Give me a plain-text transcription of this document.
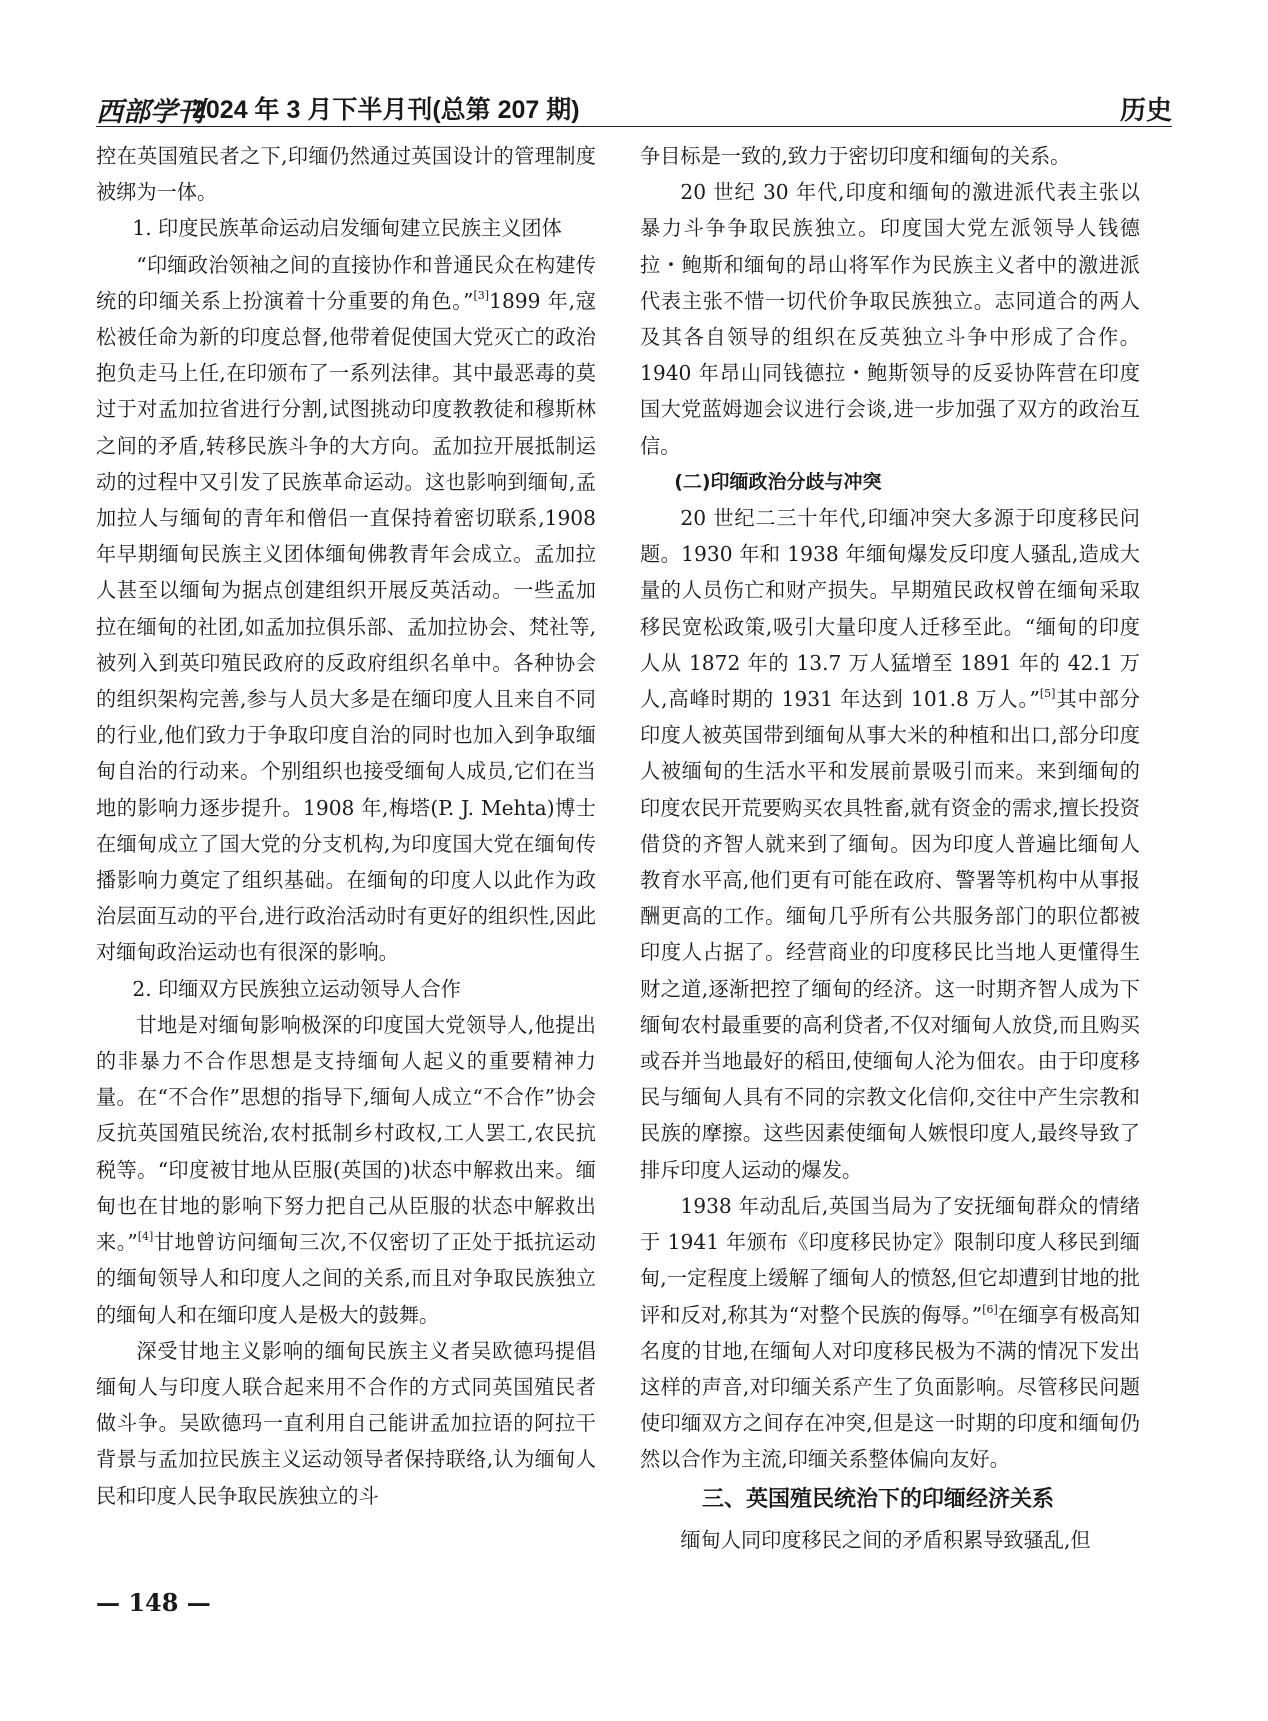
西部学刊
2024 年 3 月下半月刊(总第 207 期)	历史

控在英国殖民者之下,印缅仍然通过英国设计的管理制度被绑为一体。

1. 印度民族革命运动启发缅甸建立民族主义团体

“印缅政治领袖之间的直接协作和普通民众在构建传统的印缅关系上扮演着十分重要的角色。”[3]1899 年,寇松被任命为新的印度总督,他带着促使国大党灭亡的政治抱负走马上任,在印颁布了一系列法律。其中最恶毒的莫过于对孟加拉省进行分割,试图挑动印度教教徒和穆斯林之间的矛盾,转移民族斗争的大方向。孟加拉开展抵制运动的过程中又引发了民族革命运动。这也影响到缅甸,孟加拉人与缅甸的青年和僧侣一直保持着密切联系,1908 年早期缅甸民族主义团体缅甸佛教青年会成立。孟加拉人甚至以缅甸为据点创建组织开展反英活动。一些孟加拉在缅甸的社团,如孟加拉俱乐部、孟加拉协会、梵社等,被列入到英印殖民政府的反政府组织名单中。各种协会的组织架构完善,参与人员大多是在缅印度人且来自不同的行业,他们致力于争取印度自治的同时也加入到争取缅甸自治的行动来。个别组织也接受缅甸人成员,它们在当地的影响力逐步提升。1908 年,梅塔(P. J. Mehta)博士在缅甸成立了国大党的分支机构,为印度国大党在缅甸传播影响力奠定了组织基础。在缅甸的印度人以此作为政治层面互动的平台,进行政治活动时有更好的组织性,因此对缅甸政治运动也有很深的影响。

2. 印缅双方民族独立运动领导人合作

甘地是对缅甸影响极深的印度国大党领导人,他提出的非暴力不合作思想是支持缅甸人起义的重要精神力量。在“不合作”思想的指导下,缅甸人成立“不合作”协会反抗英国殖民统治,农村抵制乡村政权,工人罢工,农民抗税等。“印度被甘地从臣服(英国的)状态中解救出来。缅甸也在甘地的影响下努力把自己从臣服的状态中解救出来。”[4]甘地曾访问缅甸三次,不仅密切了正处于抵抗运动的缅甸领导人和印度人之间的关系,而且对争取民族独立的缅甸人和在缅印度人是极大的鼓舞。

深受甘地主义影响的缅甸民族主义者吴欧德玛提倡缅甸人与印度人联合起来用不合作的方式同英国殖民者做斗争。吴欧德玛一直利用自己能讲孟加拉语的阿拉干背景与孟加拉民族主义运动领导者保持联络,认为缅甸人民和印度人民争取民族独立的斗

争目标是一致的,致力于密切印度和缅甸的关系。

20 世纪 30 年代,印度和缅甸的激进派代表主张以暴力斗争争取民族独立。印度国大党左派领导人钱德拉・鲍斯和缅甸的昂山将军作为民族主义者中的激进派代表主张不惜一切代价争取民族独立。志同道合的两人及其各自领导的组织在反英独立斗争中形成了合作。1940 年昂山同钱德拉・鲍斯领导的反妥协阵营在印度国大党蓝姆迦会议进行会谈,进一步加强了双方的政治互信。

(二)印缅政治分歧与冲突

20 世纪二三十年代,印缅冲突大多源于印度移民问题。1930 年和 1938 年缅甸爆发反印度人骚乱,造成大量的人员伤亡和财产损失。早期殖民政权曾在缅甸采取移民宽松政策,吸引大量印度人迁移至此。“缅甸的印度人从 1872 年的 13.7 万人猛增至 1891 年的 42.1 万人,高峰时期的 1931 年达到 101.8 万人。”[5]其中部分印度人被英国带到缅甸从事大米的种植和出口,部分印度人被缅甸的生活水平和发展前景吸引而来。来到缅甸的印度农民开荒要购买农具牲畜,就有资金的需求,擅长投资借贷的齐智人就来到了缅甸。因为印度人普遍比缅甸人教育水平高,他们更有可能在政府、警署等机构中从事报酬更高的工作。缅甸几乎所有公共服务部门的职位都被印度人占据了。经营商业的印度移民比当地人更懂得生财之道,逐渐把控了缅甸的经济。这一时期齐智人成为下缅甸农村最重要的高利贷者,不仅对缅甸人放贷,而且购买或吞并当地最好的稻田,使缅甸人沦为佃农。由于印度移民与缅甸人具有不同的宗教文化信仰,交往中产生宗教和民族的摩擦。这些因素使缅甸人嫉恨印度人,最终导致了排斥印度人运动的爆发。

1938 年动乱后,英国当局为了安抚缅甸群众的情绪于 1941 年颁布《印度移民协定》限制印度人移民到缅甸,一定程度上缓解了缅甸人的愤怒,但它却遭到甘地的批评和反对,称其为“对整个民族的侮辱。”[6]在缅享有极高知名度的甘地,在缅甸人对印度移民极为不满的情况下发出这样的声音,对印缅关系产生了负面影响。尽管移民问题使印缅双方之间存在冲突,但是这一时期的印度和缅甸仍然以合作为主流,印缅关系整体偏向友好。

三、英国殖民统治下的印缅经济关系

缅甸人同印度移民之间的矛盾积累导致骚乱,但

— 148 —
